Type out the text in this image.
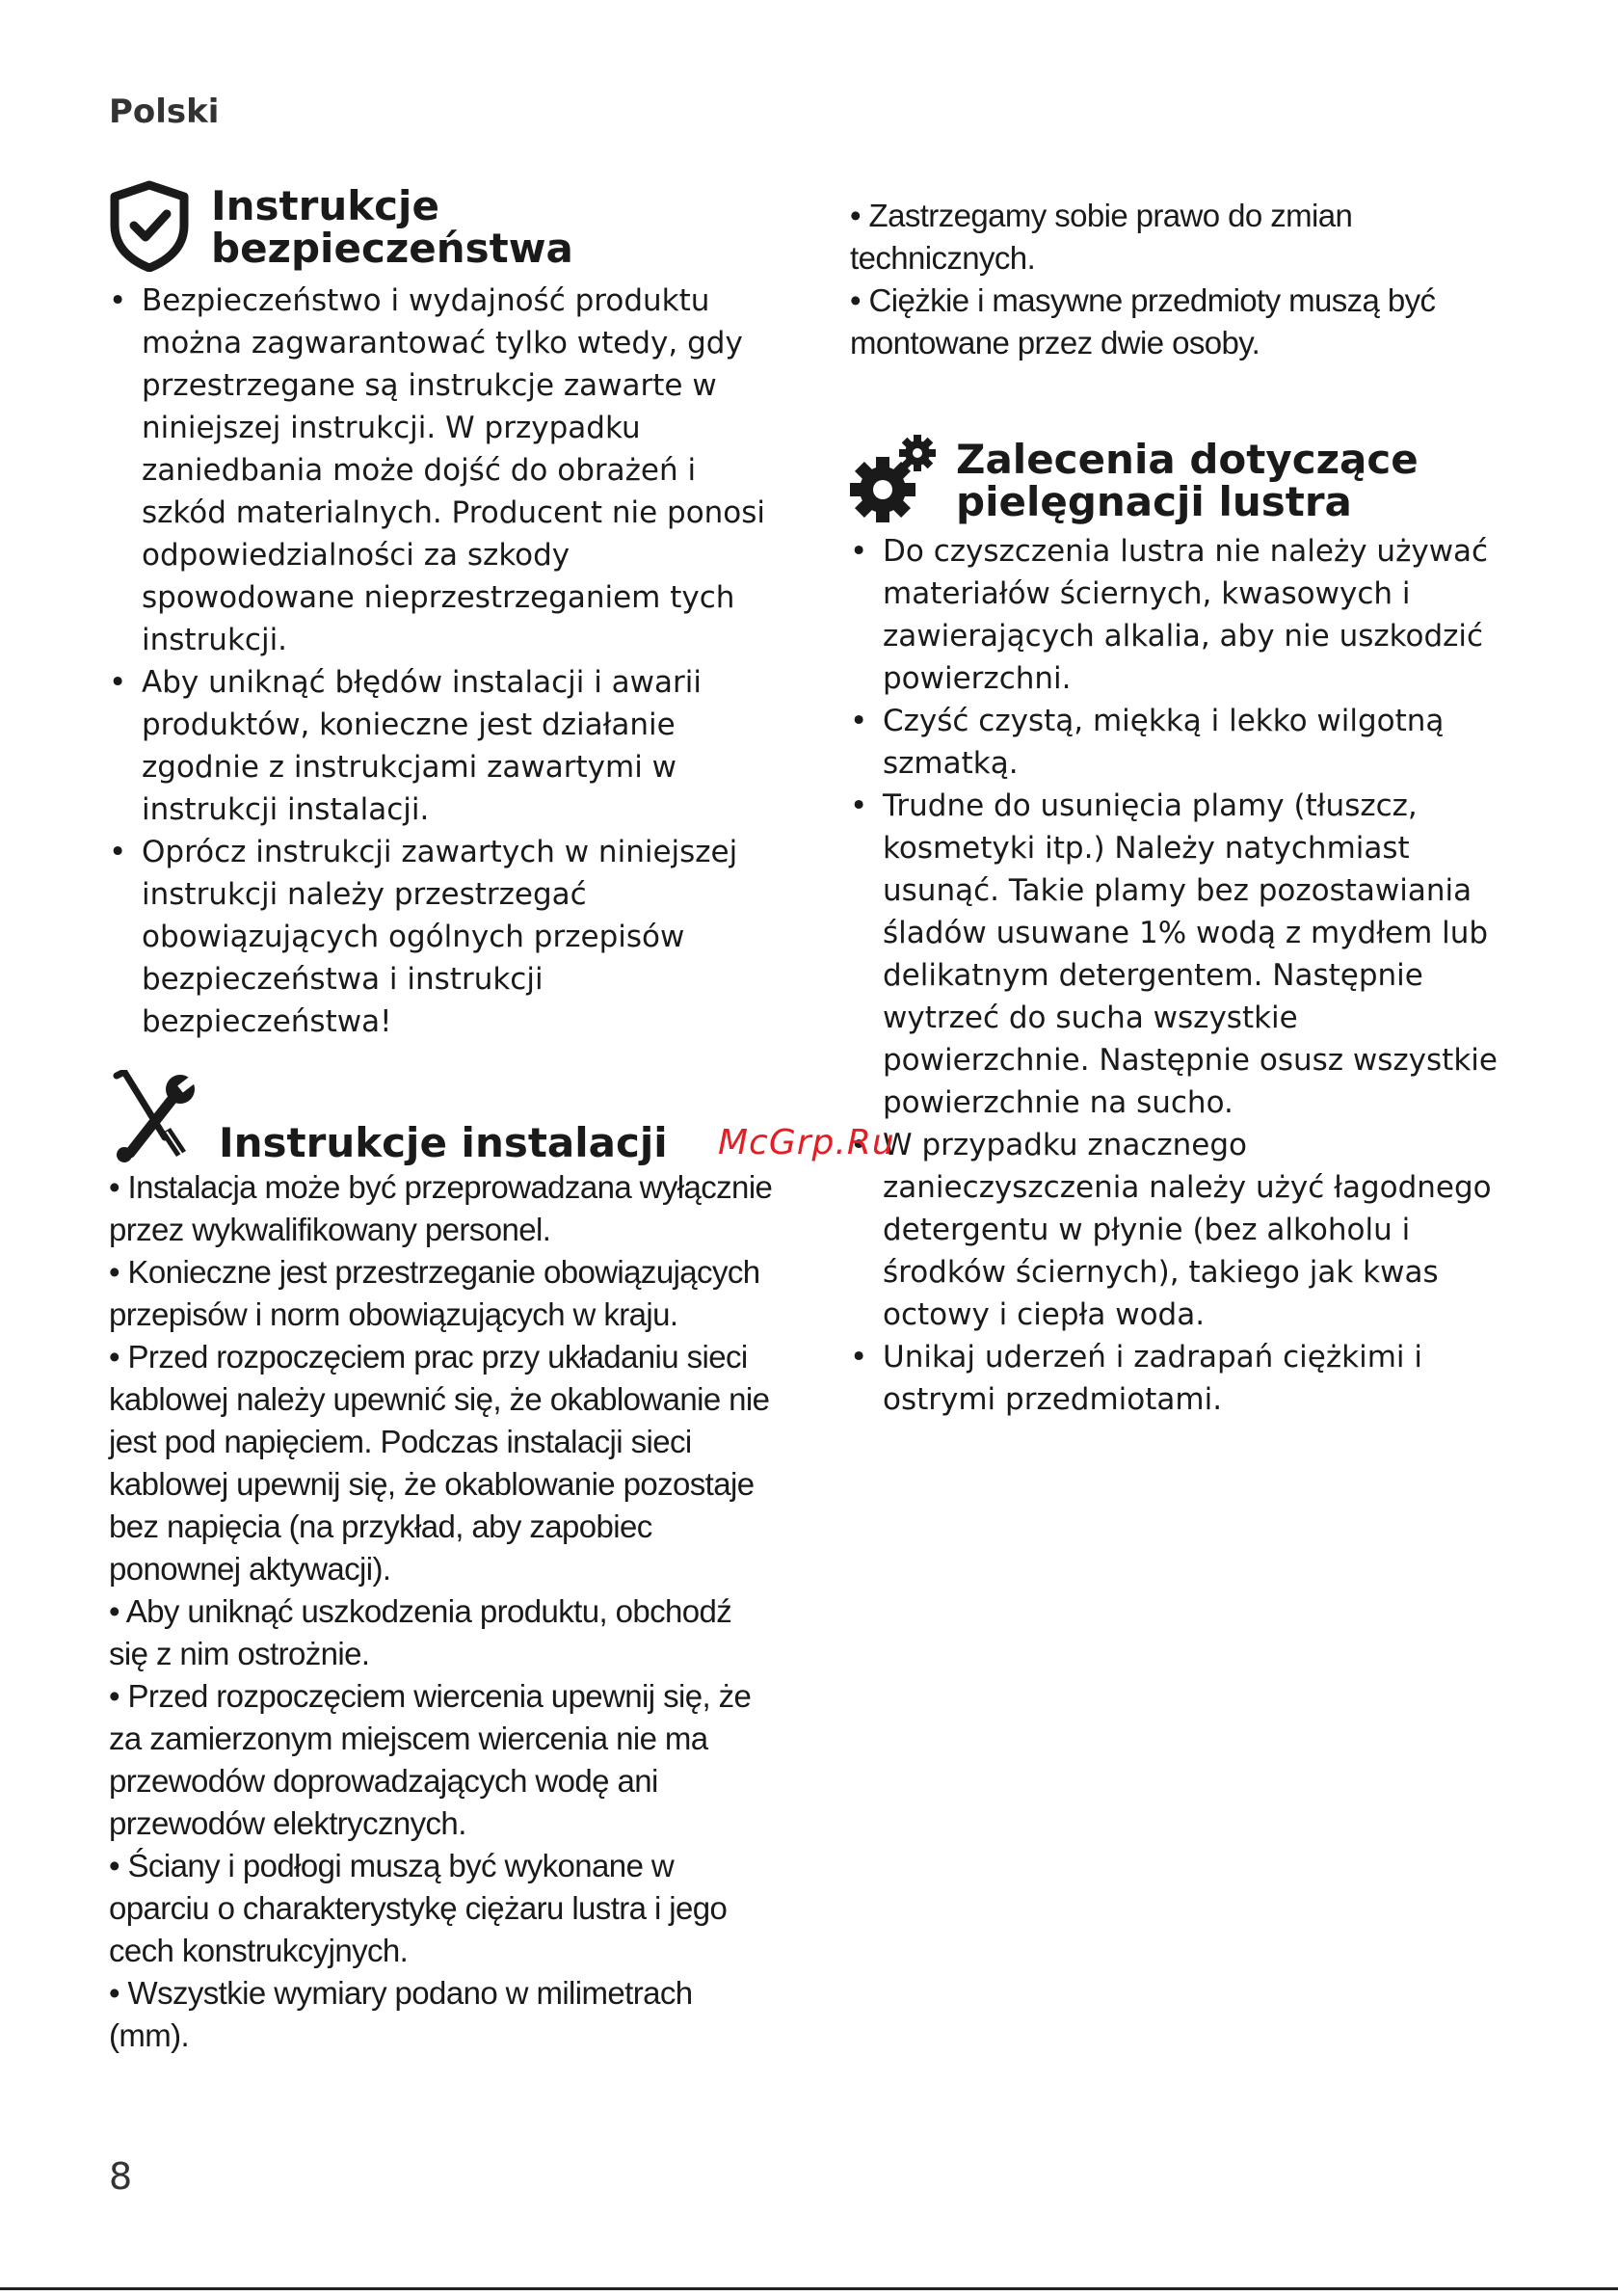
Polski
Instrukcje
bezpieczeństwa
• Bezpieczeństwo i wydajność produktu można zagwarantować tylko wtedy, gdy przestrzegane są instrukcje zawarte w niniejszej instrukcji. W przypadku zaniedbania może dojść do obrażeń i szkód materialnych. Producent nie ponosi odpowiedzialności za szkody spowodowane nieprzestrzeganiem tych instrukcji.
• Aby uniknąć błędów instalacji i awarii produktów, konieczne jest działanie zgodnie z instrukcjami zawartymi w instrukcji instalacji.
• Oprócz instrukcji zawartych w niniejszej instrukcji należy przestrzegać obowiązujących ogólnych przepisów bezpieczeństwa i instrukcji bezpieczeństwa!
Instrukcje instalacji
• Instalacja może być przeprowadzana wyłącznie przez wykwalifikowany personel.
• Konieczne jest przestrzeganie obowiązujących przepisów i norm obowiązujących w kraju.
• Przed rozpoczęciem prac przy układaniu sieci kablowej należy upewnić się, że okablowanie nie jest pod napięciem. Podczas instalacji sieci kablowej upewnij się, że okablowanie pozostaje bez napięcia (na przykład, aby zapobiec ponownej aktywacji).
• Aby uniknąć uszkodzenia produktu, obchodź się z nim ostrożnie.
• Przed rozpoczęciem wiercenia upewnij się, że za zamierzonym miejscem wiercenia nie ma przewodów doprowadzających wodę ani przewodów elektrycznych.
• Ściany i podłogi muszą być wykonane w oparciu o charakterystykę ciężaru lustra i jego cech konstrukcyjnych.
• Wszystkie wymiary podano w milimetrach (mm).
• Zastrzegamy sobie prawo do zmian technicznych.
• Ciężkie i masywne przedmioty muszą być montowane przez dwie osoby.
Zalecenia dotyczące
pielęgnacji lustra
• Do czyszczenia lustra nie należy używać materiałów ściernych, kwasowych i zawierających alkalia, aby nie uszkodzić powierzchni.
• Czyść czystą, miękką i lekko wilgotną szmatką.
• Trudne do usunięcia plamy (tłuszcz, kosmetyki itp.) Należy natychmiast usunąć. Takie plamy bez pozostawiania śladów usuwane 1% wodą z mydłem lub delikatnym detergentem. Następnie wytrzeć do sucha wszystkie powierzchnie. Następnie osusz wszystkie powierzchnie na sucho.
• W przypadku znacznego zanieczyszczenia należy użyć łagodnego detergentu w płynie (bez alkoholu i środków ściernych), takiego jak kwas octowy i ciepła woda.
• Unikaj uderzeń i zadrapań ciężkimi i ostrymi przedmiotami.
McGrp.Ru
8
